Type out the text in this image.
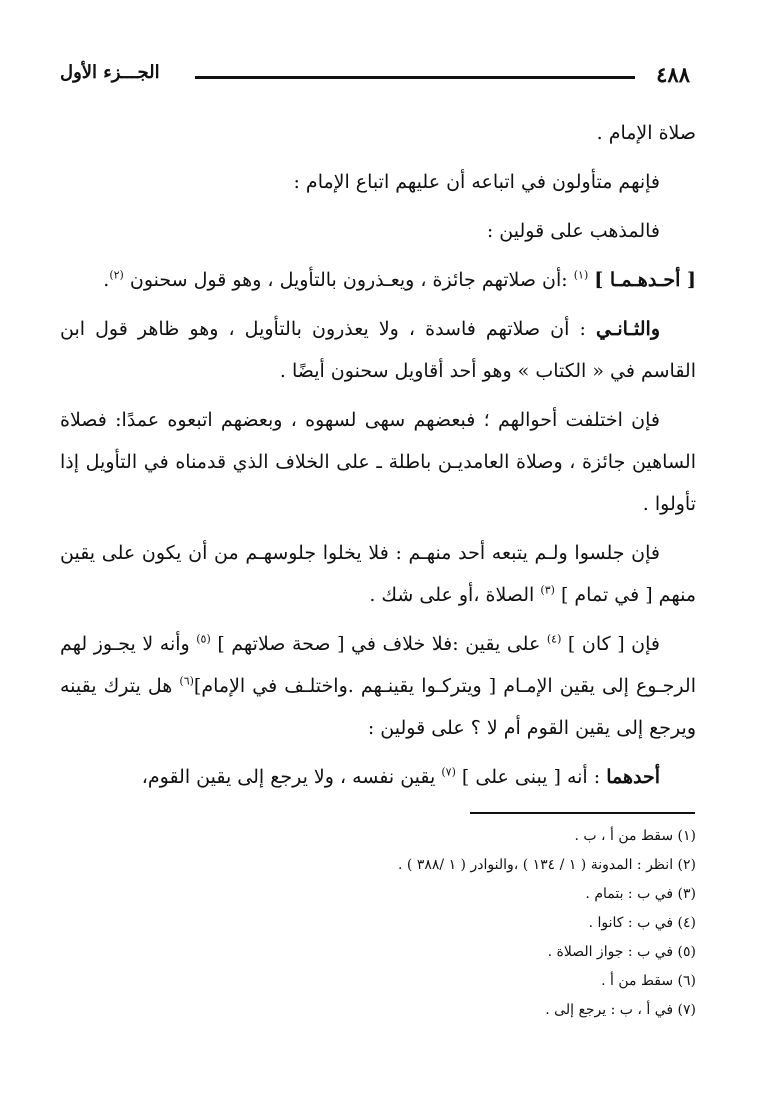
٤٨٨
الجـــزء الأول

صلاة الإمام .

فإنهم متأولون في اتباعه أن عليهم اتباع الإمام :

فالمذهب على قولين :

[ أحـدهـمـا ] $^{(١)}$ :أن صلاتهم جائزة ، ويعـذرون بالتأويل ، وهو قول سحنون $^{(٢)}$.

والثـانـي : أن صلاتهم فاسدة ، ولا يعذرون بالتأويل ، وهو ظاهر قول ابن القاسم في « الكتاب » وهو أحد أقاويل سحنون أيضًا .

فإن اختلفت أحوالهم ؛ فبعضهم سهى لسهوه ، وبعضهم اتبعوه عمدًا: فصلاة الساهين جائزة ، وصلاة العامديـن باطلة ـ على الخلاف الذي قدمناه في التأويل إذا تأولوا .

فإن جلسوا ولـم يتبعه أحد منهـم : فلا يخلوا جلوسهـم من أن يكون على يقين منهم [ في تمام ] $^{(٣)}$ الصلاة ،أو على شك .

فإن [ كان ] $^{(٤)}$ على يقين :فلا خلاف في [ صحة صلاتهم ] $^{(٥)}$ وأنه لا يجـوز لهم الرجـوع إلى يقين الإمـام [ ويتركـوا يقينـهم .واختلـف في الإمام]$^{(٦)}$ هل يترك يقينه ويرجع إلى يقين القوم أم لا ؟ على قولين :

أحدهما : أنه [ يبنى على ] $^{(٧)}$ يقين نفسه ، ولا يرجع إلى يقين القوم،

(١) سقط من أ ، ب .
(٢) انظر : المدونة ( ١ / ١٣٤ ) ،والنوادر ( ١ /٣٨٨ ) .
(٣) في ب : بتمام .
(٤) في ب : كانوا .
(٥) في ب : جواز الصلاة .
(٦) سقط من أ .
(٧) في أ ، ب : يرجع إلى .
